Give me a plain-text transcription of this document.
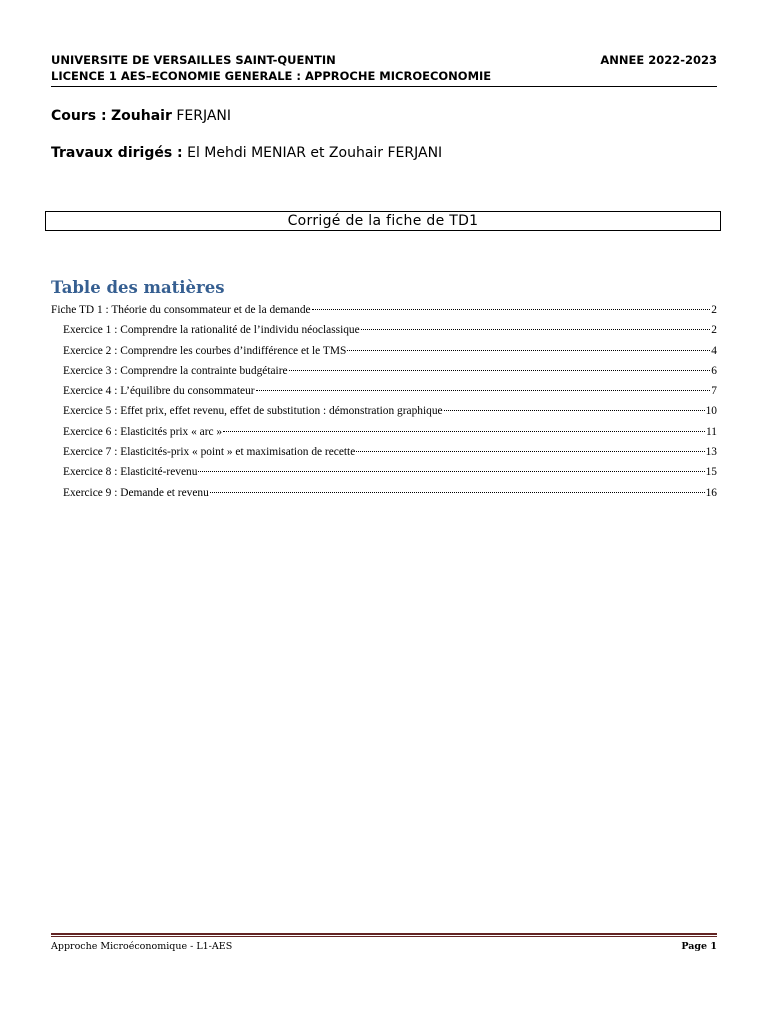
UNIVERSITE DE VERSAILLES SAINT-QUENTIN	ANNEE 2022-2023
LICENCE 1 AES–ECONOMIE GENERALE : APPROCHE MICROECONOMIE
Cours : Zouhair FERJANI
Travaux dirigés : El Mehdi MENIAR et Zouhair FERJANI
Corrigé de la fiche de TD1
Table des matières
Fiche TD 1 : Théorie du consommateur et de la demande	2
Exercice 1 : Comprendre la rationalité de l’individu néoclassique	2
Exercice 2 : Comprendre les courbes d’indifférence et le TMS	4
Exercice 3 : Comprendre la contrainte budgétaire	6
Exercice 4 : L’équilibre du consommateur	7
Exercice 5 : Effet prix, effet revenu, effet de substitution : démonstration graphique	10
Exercice 6 : Elasticités prix « arc »	11
Exercice 7 : Elasticités-prix « point » et maximisation de recette	13
Exercice 8 : Elasticité-revenu	15
Exercice 9 : Demande et revenu	16
Approche Microéconomique - L1-AES	Page 1
